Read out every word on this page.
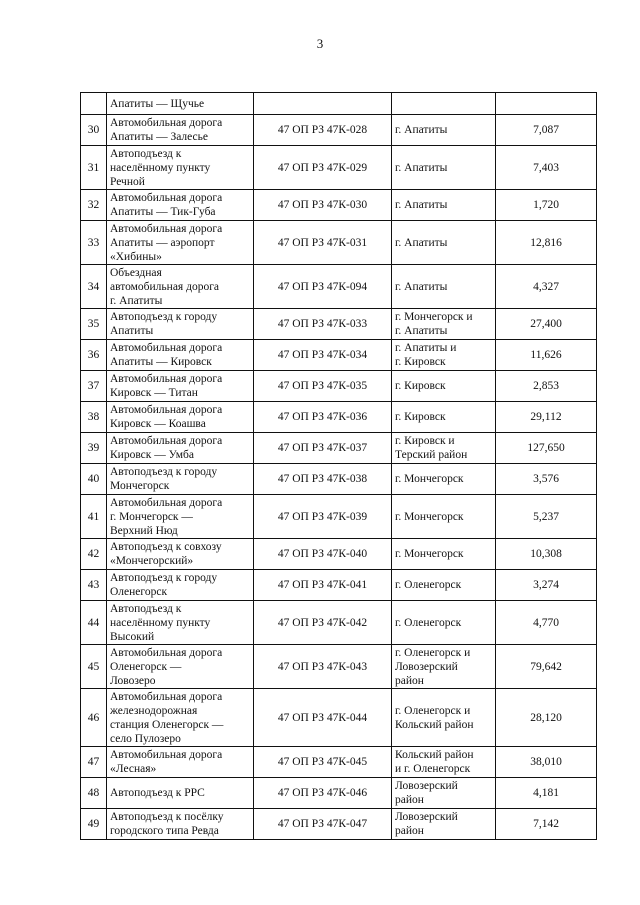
3
	Апатиты — Щучье			
30	Автомобильная дорога
Апатиты — Залесье	47 ОП РЗ 47К-028	г. Апатиты	7,087
31	Автоподъезд к
населённому пункту
Речной	47 ОП РЗ 47К-029	г. Апатиты	7,403
32	Автомобильная дорога
Апатиты — Тик-Губа	47 ОП РЗ 47К-030	г. Апатиты	1,720
33	Автомобильная дорога
Апатиты — аэропорт
«Хибины»	47 ОП РЗ 47К-031	г. Апатиты	12,816
34	Объездная
автомобильная дорога
г. Апатиты	47 ОП РЗ 47К-094	г. Апатиты	4,327
35	Автоподъезд к городу
Апатиты	47 ОП РЗ 47К-033	г. Мончегорск и
г. Апатиты	27,400
36	Автомобильная дорога
Апатиты — Кировск	47 ОП РЗ 47К-034	г. Апатиты и
г. Кировск	11,626
37	Автомобильная дорога
Кировск — Титан	47 ОП РЗ 47К-035	г. Кировск	2,853
38	Автомобильная дорога
Кировск — Коашва	47 ОП РЗ 47К-036	г. Кировск	29,112
39	Автомобильная дорога
Кировск — Умба	47 ОП РЗ 47К-037	г. Кировск и
Терский район	127,650
40	Автоподъезд к городу
Мончегорск	47 ОП РЗ 47К-038	г. Мончегорск	3,576
41	Автомобильная дорога
г. Мончегорск —
Верхний Нюд	47 ОП РЗ 47К-039	г. Мончегорск	5,237
42	Автоподъезд к совхозу
«Мончегорский»	47 ОП РЗ 47К-040	г. Мончегорск	10,308
43	Автоподъезд к городу
Оленегорск	47 ОП РЗ 47К-041	г. Оленегорск	3,274
44	Автоподъезд к
населённому пункту
Высокий	47 ОП РЗ 47К-042	г. Оленегорск	4,770
45	Автомобильная дорога
Оленегорск —
Ловозеро	47 ОП РЗ 47К-043	г. Оленегорск и
Ловозерский
район	79,642
46	Автомобильная дорога
железнодорожная
станция Оленегорск —
село Пулозеро	47 ОП РЗ 47К-044	г. Оленегорск и
Кольский район	28,120
47	Автомобильная дорога
«Лесная»	47 ОП РЗ 47К-045	Кольский район
и г. Оленегорск	38,010
48	Автоподъезд к РРС	47 ОП РЗ 47К-046	Ловозерский
район	4,181
49	Автоподъезд к посёлку
городского типа Ревда	47 ОП РЗ 47К-047	Ловозерский
район	7,142
